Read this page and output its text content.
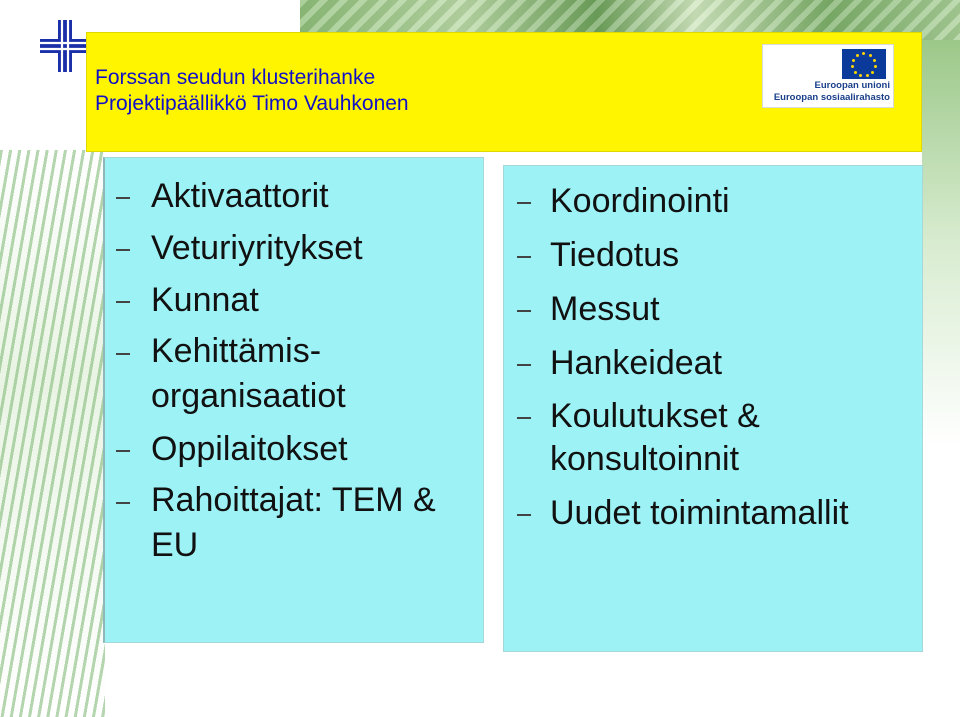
Forssan seudun klusterihanke
Projektipäällikkö Timo Vauhkonen
Euroopan unioni
Euroopan sosiaalirahasto
Aktivaattorit
Veturiyritykset
Kunnat
Kehittämis- organisaatiot
Oppilaitokset
Rahoittajat: TEM & EU
Koordinointi
Tiedotus
Messut
Hankeideat
Koulutukset & konsultoinnit
Uudet toimintamallit
